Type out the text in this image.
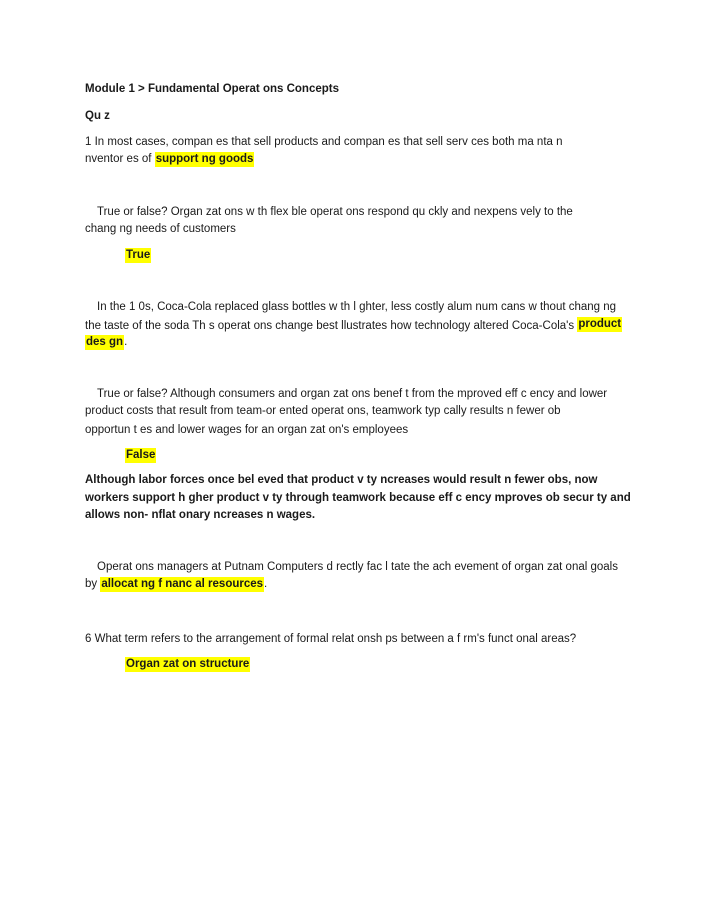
Module 1 > Fundamental Operat ons Concepts
Qu z
1 In most cases, compan es that sell products and compan es that sell serv ces both ma nta n
nventor es of support ng goods
True or false? Organ zat ons w th flex ble operat ons respond qu ckly and nexpens vely to the
chang ng needs of customers
True
In the 1 0s, Coca-Cola replaced glass bottles w th l ghter, less costly alum num cans w thout chang ng
the taste of the soda Th s operat ons change best llustrates how technology altered Coca-Cola's product
des gn.
True or false? Although consumers and organ zat ons benef t from the mproved eff c ency and lower
product costs that result from team-or ented operat ons, teamwork typ cally results n fewer ob
opportun t es and lower wages for an organ zat on's employees
False
Although labor forces once bel eved that product v ty ncreases would result n fewer obs, now
workers support h gher product v ty through teamwork because eff c ency mproves ob secur ty and
allows non- nflat onary ncreases n wages.
Operat ons managers at Putnam Computers d rectly fac l tate the ach evement of organ zat onal goals
by allocat ng f nanc al resources.
6 What term refers to the arrangement of formal relat onsh ps between a f rm's funct onal areas?
Organ zat on structure
